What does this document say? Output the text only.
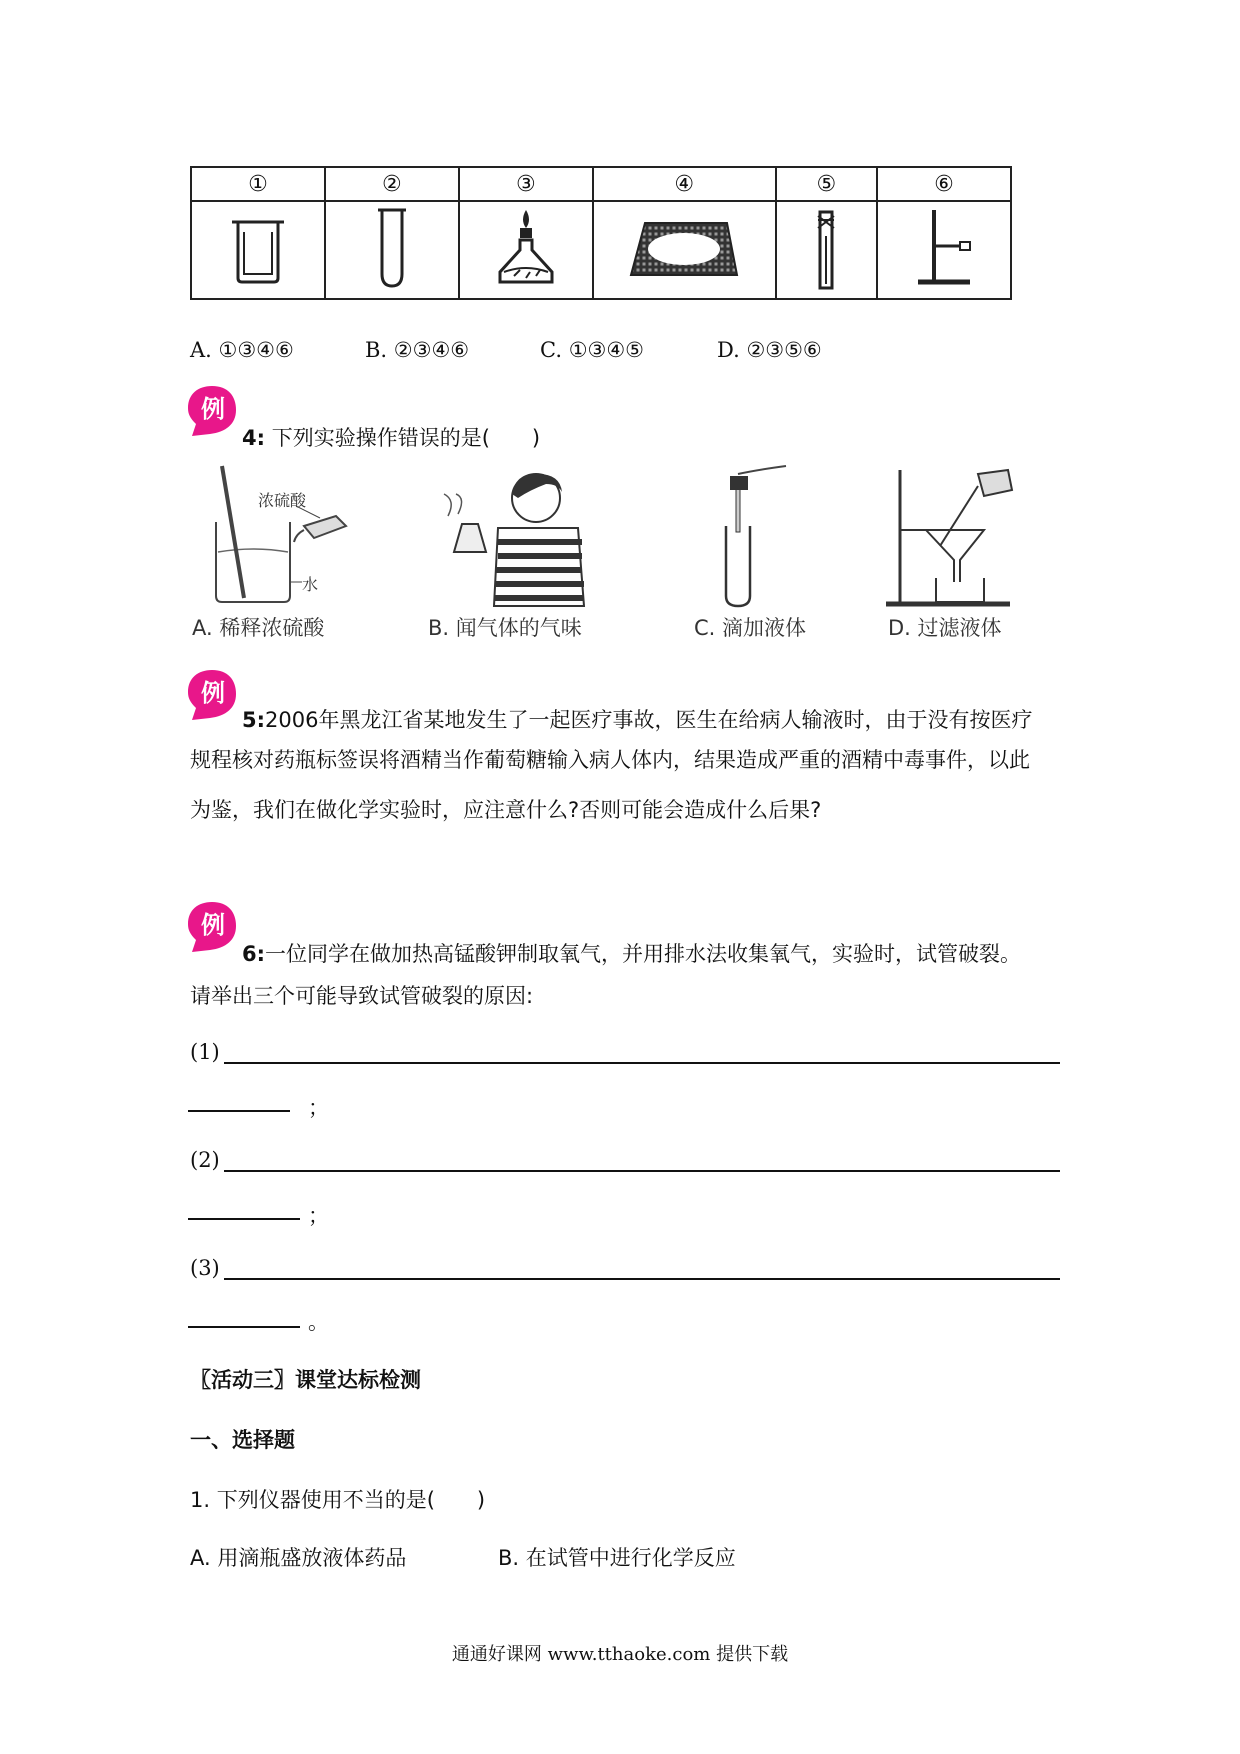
①	②	③	④	⑤	⑥

A. ①③④⑥	B. ②③④⑥	C. ①③④⑤	D. ②③⑤⑥
例
4: 下列实验操作错误的是(　　)
浓硫酸
水
A. 稀释浓硫酸	B. 闻气体的气味	C. 滴加液体	D. 过滤液体
例
5:2006年黑龙江省某地发生了一起医疗事故，医生在给病人输液时，由于没有按医疗
规程核对药瓶标签误将酒精当作葡萄糖输入病人体内，结果造成严重的酒精中毒事件，以此
为鉴，我们在做化学实验时，应注意什么?否则可能会造成什么后果?
例
6:一位同学在做加热高锰酸钾制取氧气，并用排水法收集氧气，实验时，试管破裂。
请举出三个可能导致试管破裂的原因:
(1)
；
(2)
；
(3)
。
〖活动三〗课堂达标检测
一、选择题
1. 下列仪器使用不当的是(　　)
A. 用滴瓶盛放液体药品	B. 在试管中进行化学反应
通通好课网 www.tthaoke.com 提供下载
